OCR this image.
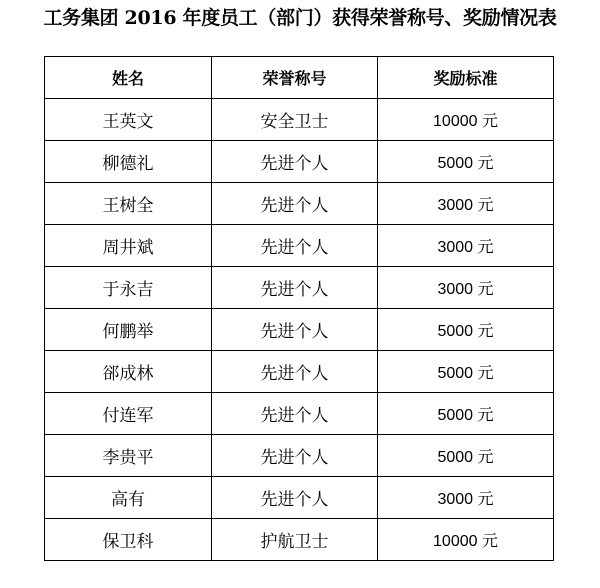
工务集团 2016 年度员工（部门）获得荣誉称号、奖励情况表
姓名	荣誉称号	奖励标准
王英文	安全卫士	10000 元
柳德礼	先进个人	5000 元
王树全	先进个人	3000 元
周井斌	先进个人	3000 元
于永吉	先进个人	3000 元
何鹏举	先进个人	5000 元
郤成林	先进个人	5000 元
付连军	先进个人	5000 元
李贵平	先进个人	5000 元
高有	先进个人	3000 元
保卫科	护航卫士	10000 元
